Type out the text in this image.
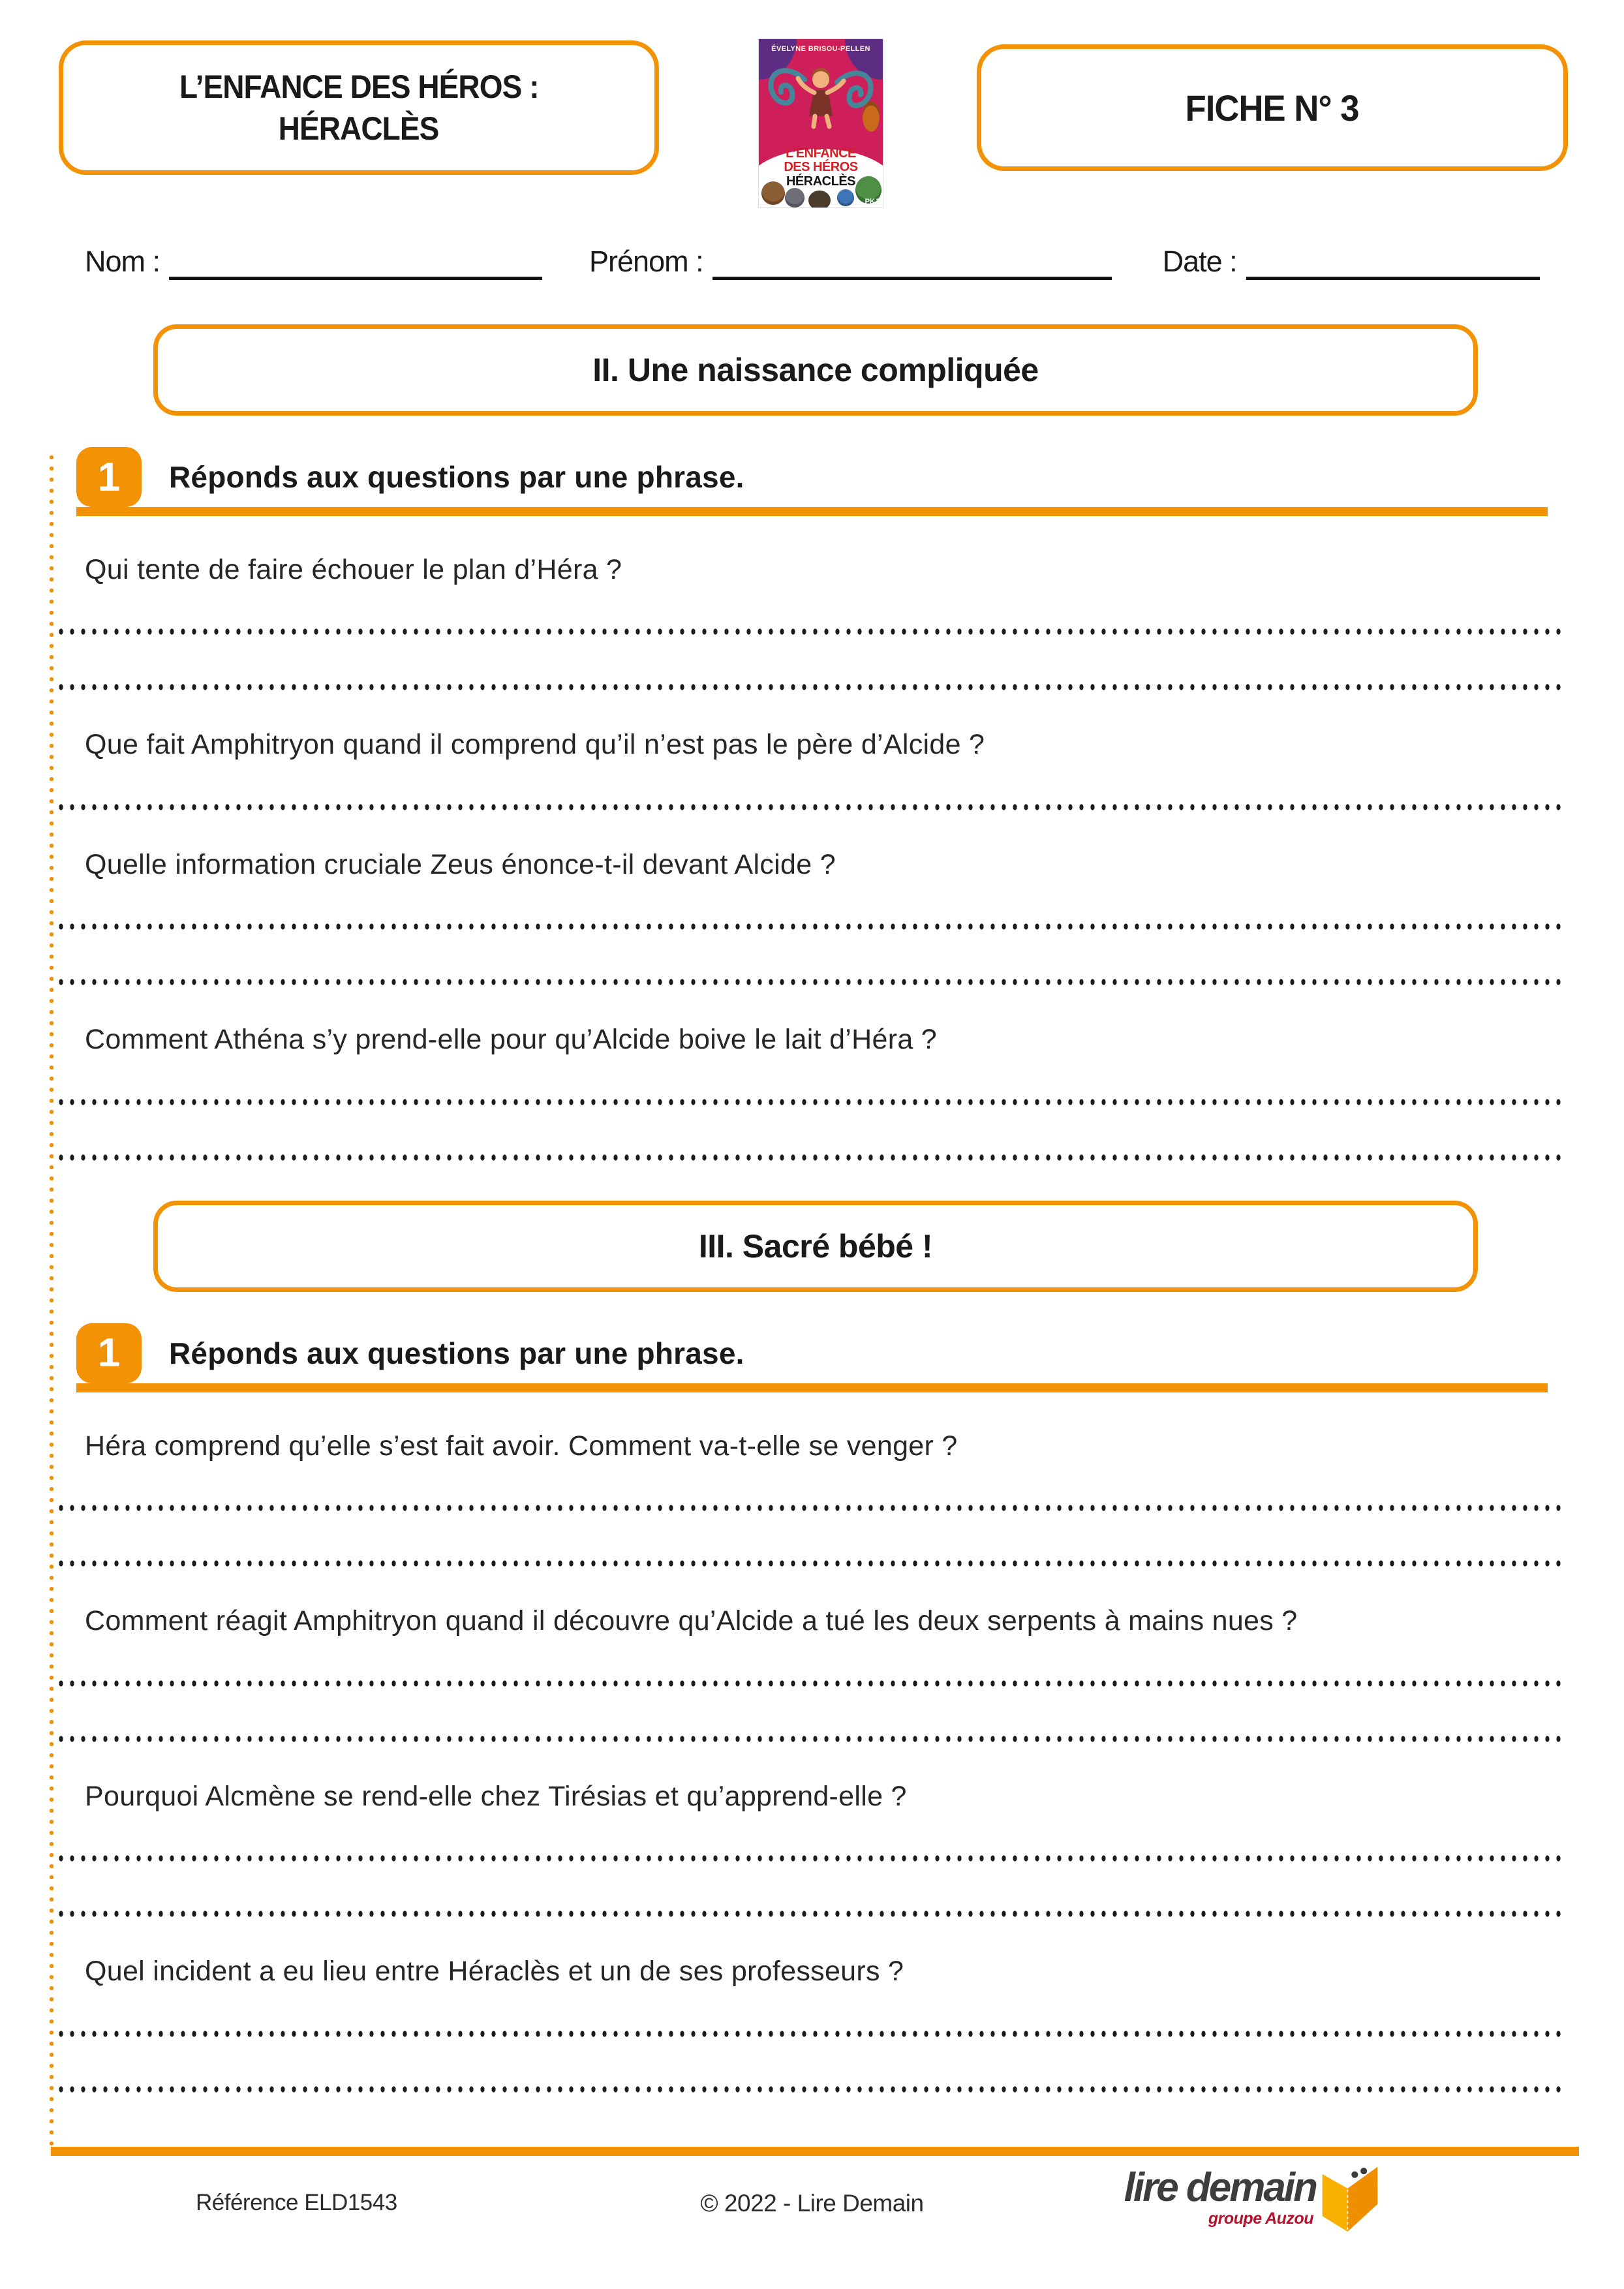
L’ENFANCE DES HÉROS :
HÉRACLÈS
ÉVELYNE BRISOU-PELLEN
L’ENFANCE
DES HÉROS
HÉRACLÈS
PKJ
FICHE N° 3
Nom :	Prénom :	Date :
II. Une naissance compliquée
1	Réponds aux questions par une phrase.

Qui tente de faire échouer le plan d’Héra ?

Que fait Amphitryon quand il comprend qu’il n’est pas le père d’Alcide ?

Quelle information cruciale Zeus énonce-t-il devant Alcide ?

Comment Athéna s’y prend-elle pour qu’Alcide boive le lait d’Héra ?

III. Sacré bébé !
1	Réponds aux questions par une phrase.

Héra comprend qu’elle s’est fait avoir. Comment va-t-elle se venger ?

Comment réagit Amphitryon quand il découvre qu’Alcide a tué les deux serpents à mains nues ?

Pourquoi Alcmène se rend-elle chez Tirésias et qu’apprend-elle ?

Quel incident a eu lieu entre Héraclès et un de ses professeurs ?

Référence ELD1543	© 2022 - Lire Demain	lire demain
groupe Auzou
